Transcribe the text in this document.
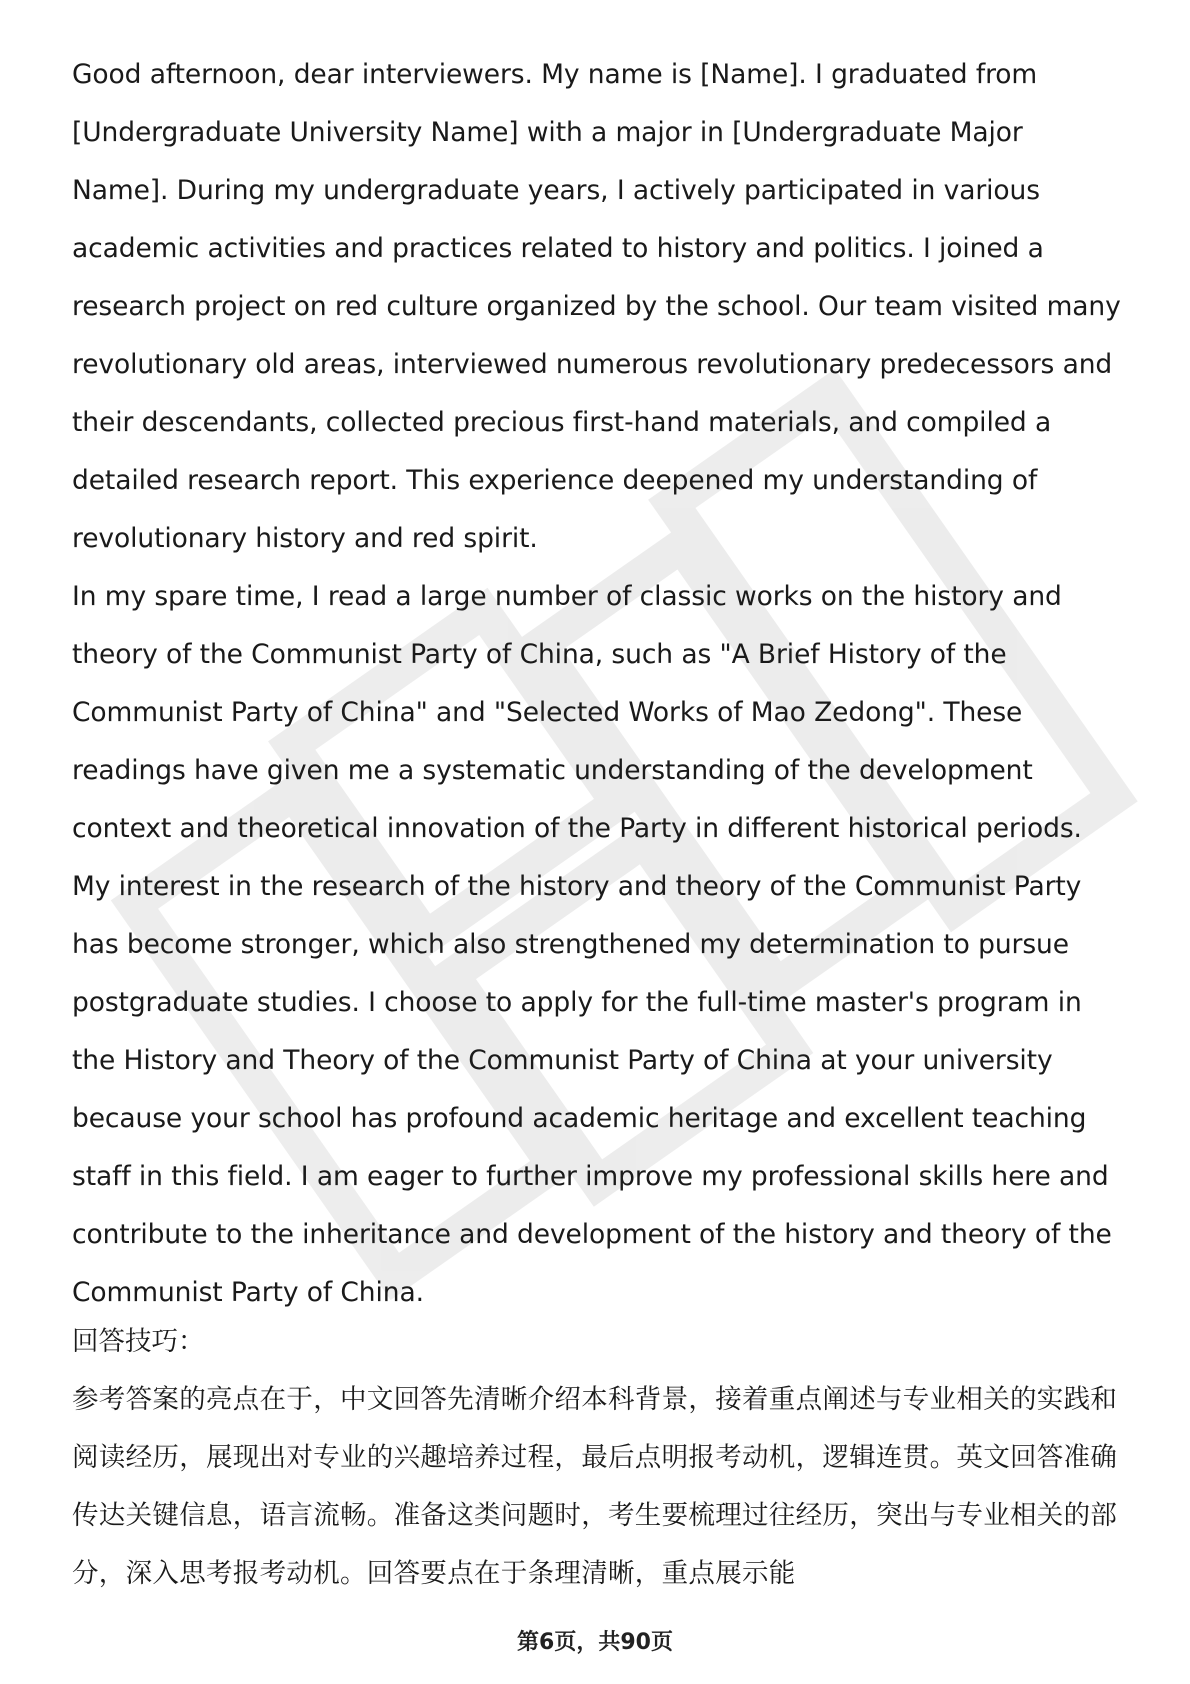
Good afternoon, dear interviewers. My name is [Name]. I graduated from [Undergraduate University Name] with a major in [Undergraduate Major Name]. During my undergraduate years, I actively participated in various academic activities and practices related to history and politics. I joined a research project on red culture organized by the school. Our team visited many revolutionary old areas, interviewed numerous revolutionary predecessors and their descendants, collected precious first-hand materials, and compiled a detailed research report. This experience deepened my understanding of revolutionary history and red spirit.

In my spare time, I read a large number of classic works on the history and theory of the Communist Party of China, such as "A Brief History of the Communist Party of China" and "Selected Works of Mao Zedong". These readings have given me a systematic understanding of the development context and theoretical innovation of the Party in different historical periods. My interest in the research of the history and theory of the Communist Party has become stronger, which also strengthened my determination to pursue postgraduate studies. I choose to apply for the full-time master's program in the History and Theory of the Communist Party of China at your university because your school has profound academic heritage and excellent teaching staff in this field. I am eager to further improve my professional skills here and contribute to the inheritance and development of the history and theory of the Communist Party of China.

回答技巧：

参考答案的亮点在于，中文回答先清晰介绍本科背景，接着重点阐述与专业相关的实践和阅读经历，展现出对专业的兴趣培养过程，最后点明报考动机，逻辑连贯。英文回答准确传达关键信息，语言流畅。准备这类问题时，考生要梳理过往经历，突出与专业相关的部分，深入思考报考动机。回答要点在于条理清晰，重点展示能

第6页，共90页
